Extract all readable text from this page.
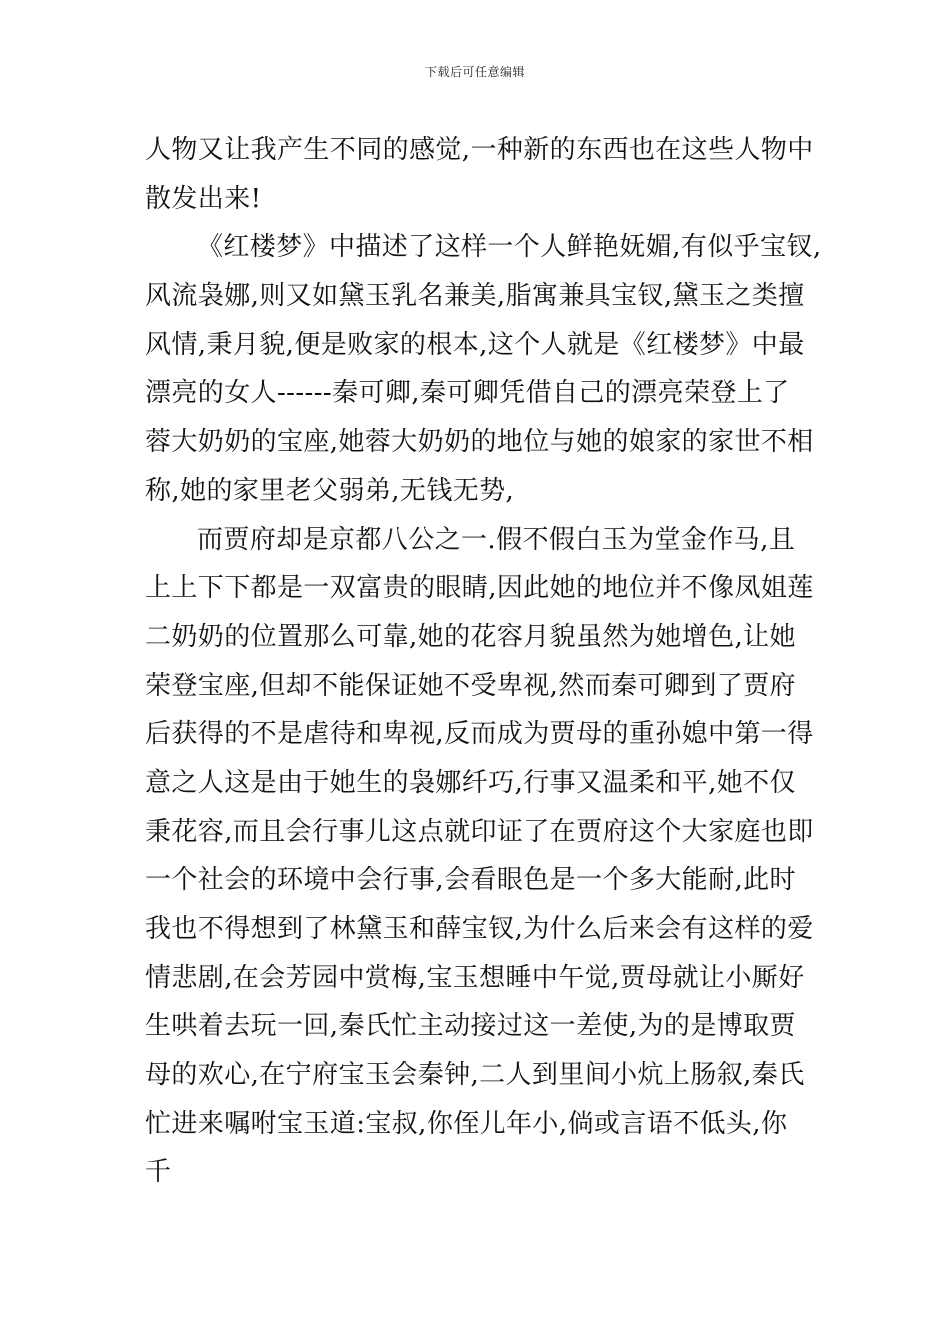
下载后可任意编辑
人物又让我产生不同的感觉,一种新的东西也在这些人物中
散发出来!
《红楼梦》中描述了这样一个人鲜艳妩媚,有似乎宝钗,
风流袅娜,则又如黛玉乳名兼美,脂寓兼具宝钗,黛玉之类擅
风情,秉月貌,便是败家的根本,这个人就是《红楼梦》中最
漂亮的女人------秦可卿,秦可卿凭借自己的漂亮荣登上了
蓉大奶奶的宝座,她蓉大奶奶的地位与她的娘家的家世不相
称,她的家里老父弱弟,无钱无势,
而贾府却是京都八公之一.假不假白玉为堂金作马,且
上上下下都是一双富贵的眼睛,因此她的地位并不像凤姐莲
二奶奶的位置那么可靠,她的花容月貌虽然为她增色,让她
荣登宝座,但却不能保证她不受卑视,然而秦可卿到了贾府
后获得的不是虐待和卑视,反而成为贾母的重孙媳中第一得
意之人这是由于她生的袅娜纤巧,行事又温柔和平,她不仅
秉花容,而且会行事儿这点就印证了在贾府这个大家庭也即
一个社会的环境中会行事,会看眼色是一个多大能耐,此时
我也不得想到了林黛玉和薛宝钗,为什么后来会有这样的爱
情悲剧,在会芳园中赏梅,宝玉想睡中午觉,贾母就让小厮好
生哄着去玩一回,秦氏忙主动接过这一差使,为的是博取贾
母的欢心,在宁府宝玉会秦钟,二人到里间小炕上肠叙,秦氏
忙进来嘱咐宝玉道:宝叔,你侄儿年小,倘或言语不低头,你
千
